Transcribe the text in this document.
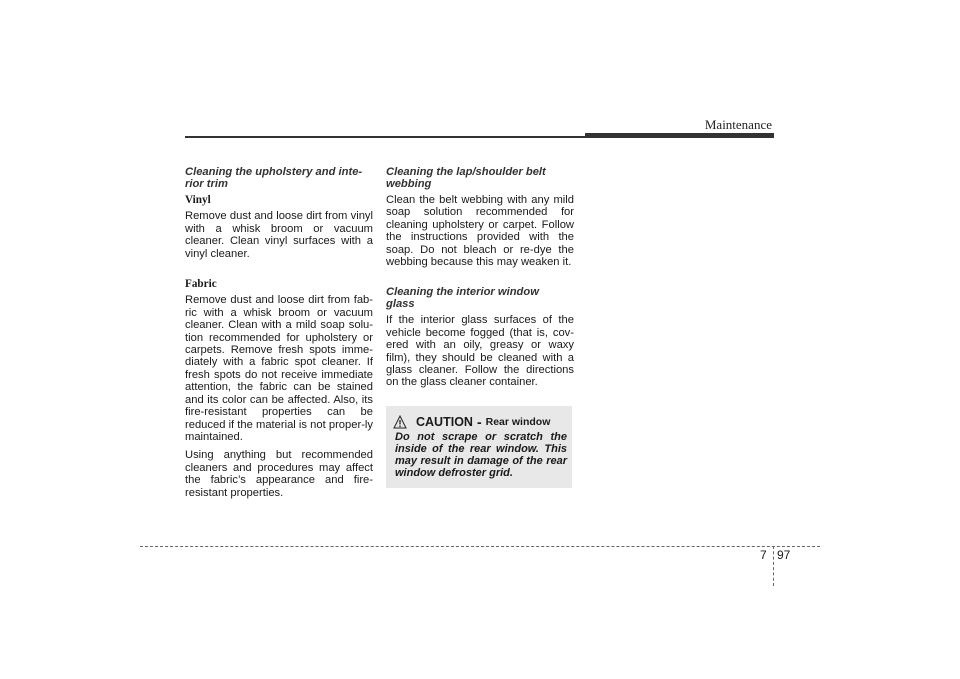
Maintenance
Cleaning the upholstery and inte-
rior trim
Vinyl

Remove dust and loose dirt from vinyl with a whisk broom or vacuum cleaner. Clean vinyl surfaces with a vinyl cleaner.

Fabric

Remove dust and loose dirt from fab-ric with a whisk broom or vacuum cleaner. Clean with a mild soap solu-tion recommended for upholstery or carpets. Remove fresh spots imme-diately with a fabric spot cleaner. If fresh spots do not receive immediate attention, the fabric can be stained and its color can be affected. Also, its fire-resistant properties can be reduced if the material is not proper-ly maintained.

Using anything but recommended cleaners and procedures may affect the fabric’s appearance and fire-resistant properties.

Cleaning the lap/shoulder belt
webbing

Clean the belt webbing with any mild soap solution recommended for cleaning upholstery or carpet. Follow the instructions provided with the soap. Do not bleach or re-dye the webbing because this may weaken it.

Cleaning the interior window
glass

If the interior glass surfaces of the vehicle become fogged (that is, cov-ered with an oily, greasy or waxy film), they should be cleaned with a glass cleaner. Follow the directions on the glass cleaner container.

CAUTION - Rear window
Do not scrape or scratch the inside of the rear window. This may result in damage of the rear window defroster grid.
7 97
